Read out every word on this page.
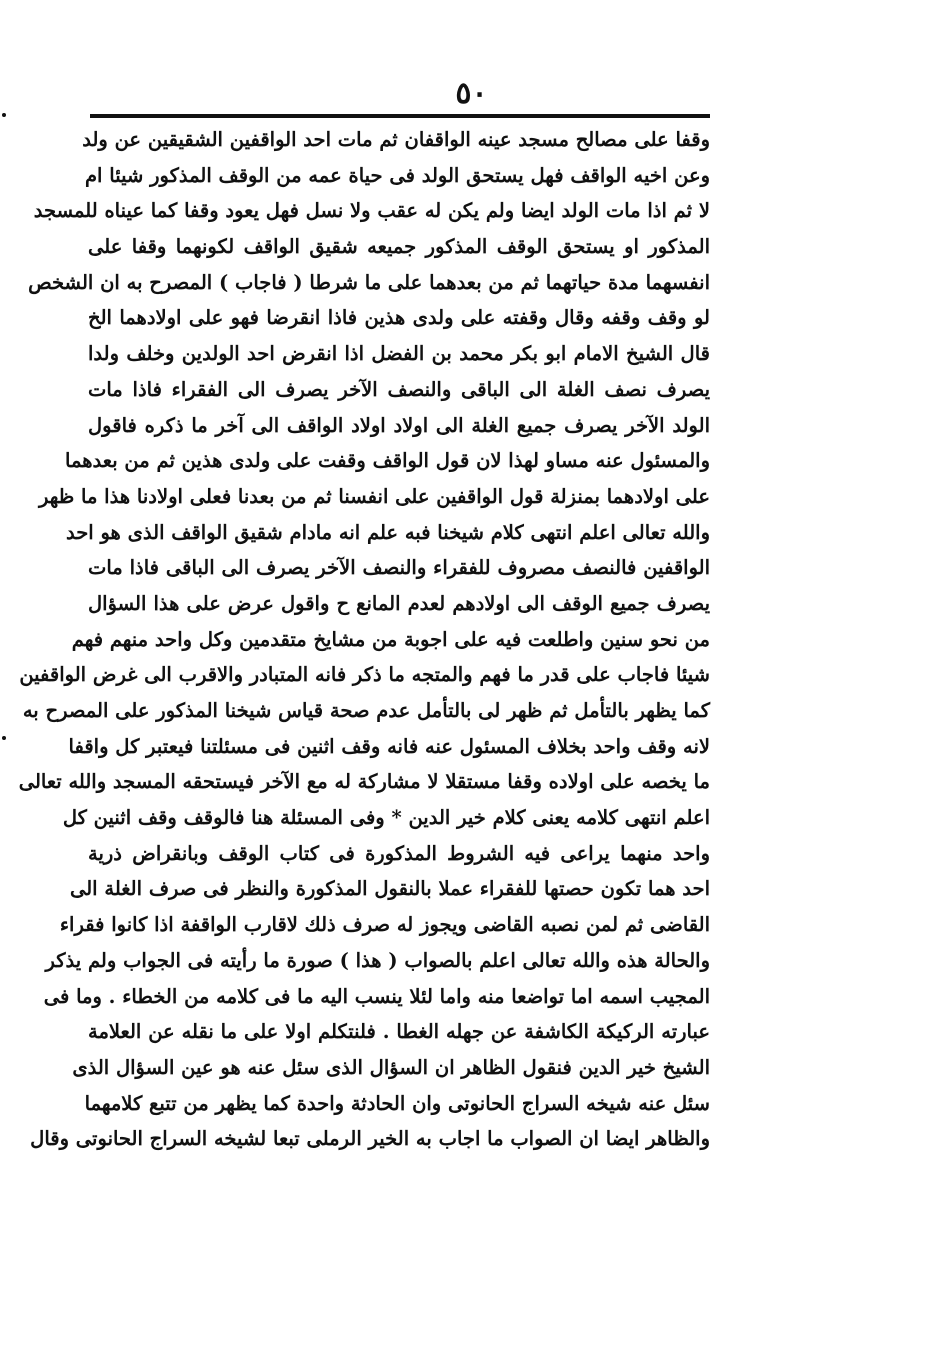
٥٠
وقفا على مصالح مسجد عينه الواقفان ثم مات احد الواقفين الشقيقين عن ولد
وعن اخيه الواقف فهل يستحق الولد فى حياة عمه من الوقف المذكور شيئا ام
لا ثم اذا مات الولد ايضا ولم يكن له عقب ولا نسل فهل يعود وقفا كما عيناه للمسجد
المذكور او يستحق الوقف المذكور جميعه شقيق الواقف لكونهما وقفا على
انفسهما مدة حياتهما ثم من بعدهما على ما شرطا ( فاجاب ) المصرح به ان الشخص
لو وقف وقفه وقال وقفته على ولدى هذين فاذا انقرضا فهو على اولادهما الخ
قال الشيخ الامام ابو بكر محمد بن الفضل اذا انقرض احد الولدين وخلف ولدا
يصرف نصف الغلة الى الباقى والنصف الآخر يصرف الى الفقراء فاذا مات
الولد الآخر يصرف جميع الغلة الى اولاد اولاد الواقف الى آخر ما ذكره فاقول
والمسئول عنه مساو لهذا لان قول الواقف وقفت على ولدى هذين ثم من بعدهما
على اولادهما بمنزلة قول الواقفين على انفسنا ثم من بعدنا فعلى اولادنا هذا ما ظهر
والله تعالى اعلم انتهى كلام شيخنا فبه علم انه مادام شقيق الواقف الذى هو احد
الواقفين فالنصف مصروف للفقراء والنصف الآخر يصرف الى الباقى فاذا مات
يصرف جميع الوقف الى اولادهم لعدم المانع ح واقول عرض على هذا السؤال
من نحو سنين واطلعت فيه على اجوبة من مشايخ متقدمين وكل واحد منهم فهم
شيئا فاجاب على قدر ما فهم والمتجه ما ذكر فانه المتبادر والاقرب الى غرض الواقفين
كما يظهر بالتأمل ثم ظهر لى بالتأمل عدم صحة قياس شيخنا المذكور على المصرح به
لانه وقف واحد بخلاف المسئول عنه فانه وقف اثنين فى مسئلتنا فيعتبر كل واقفا
ما يخصه على اولاده وقفا مستقلا لا مشاركة له مع الآخر فيستحقه المسجد والله تعالى
اعلم انتهى كلامه يعنى كلام خير الدين * وفى المسئلة هنا فالوقف وقف اثنين كل
واحد منهما يراعى فيه الشروط المذكورة فى كتاب الوقف وبانقراض ذرية
احد هما تكون حصتها للفقراء عملا بالنقول المذكورة والنظر فى صرف الغلة الى
القاضى ثم لمن نصبه القاضى ويجوز له صرف ذلك لاقارب الواقفة اذا كانوا فقراء
والحالة هذه والله تعالى اعلم بالصواب ( هذا ) صورة ما رأيته فى الجواب ولم يذكر
المجيب اسمه اما تواضعا منه واما لئلا ينسب اليه ما فى كلامه من الخطاء . وما فى
عبارته الركيكة الكاشفة عن جهله الغطا . فلنتكلم اولا على ما نقله عن العلامة
الشيخ خير الدين فنقول الظاهر ان السؤال الذى سئل عنه هو عين السؤال الذى
سئل عنه شيخه السراج الحانوتى وان الحادثة واحدة كما يظهر من تتبع كلامهما
والظاهر ايضا ان الصواب ما اجاب به الخير الرملى تبعا لشيخه السراج الحانوتى وقال
